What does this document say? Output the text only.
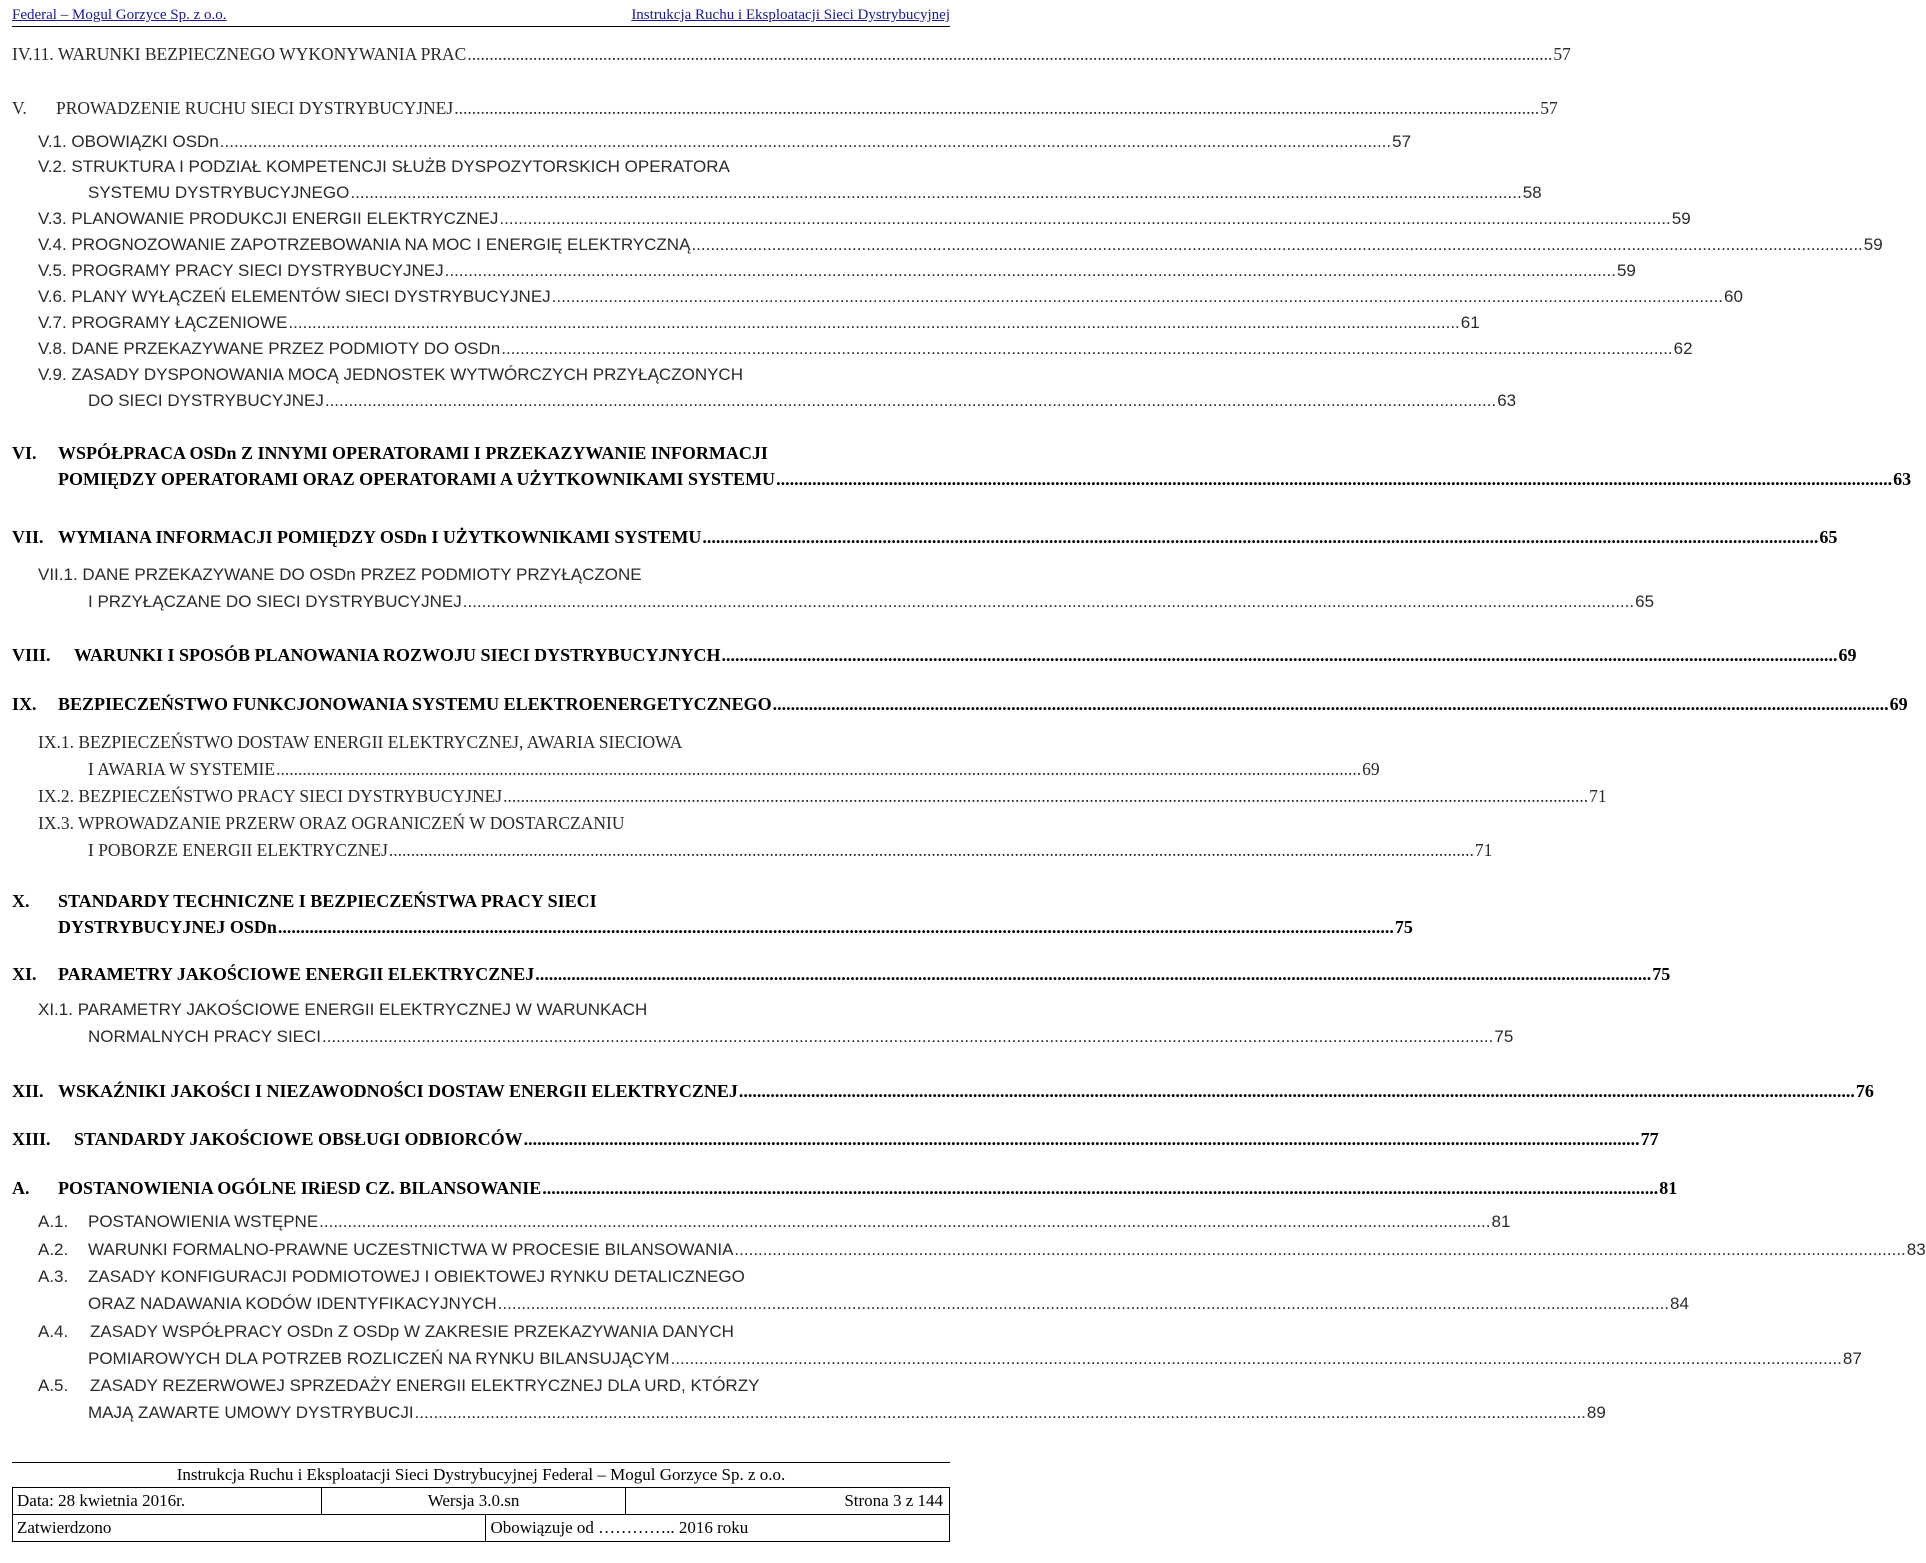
Federal – Mogul Gorzyce Sp. z o.o.	Instrukcja Ruchu i Eksploatacji Sieci Dystrybucyjnej
IV.11. WARUNKI BEZPIECZNEGO WYKONYWANIA PRAC .....	57
V. PROWADZENIE RUCHU SIECI DYSTRYBUCYJNEJ .....	57
V.1. OBOWIĄZKI OSDn .....	57
V.2. STRUKTURA I PODZIAŁ KOMPETENCJI SŁUŻB DYSPOZYTORSKICH OPERATORA
SYSTEMU DYSTRYBUCYJNEGO .....	58
V.3. PLANOWANIE PRODUKCJI ENERGII ELEKTRYCZNEJ .....	59
V.4. PROGNOZOWANIE ZAPOTRZEBOWANIA NA MOC I ENERGIĘ ELEKTRYCZNĄ .....	59
V.5. PROGRAMY PRACY SIECI DYSTRYBUCYJNEJ .....	59
V.6. PLANY WYŁĄCZEŃ ELEMENTÓW SIECI DYSTRYBUCYJNEJ .....	60
V.7. PROGRAMY ŁĄCZENIOWE .....	61
V.8. DANE PRZEKAZYWANE PRZEZ PODMIOTY DO OSDn .....	62
V.9. ZASADY DYSPONOWANIA MOCĄ JEDNOSTEK WYTWÓRCZYCH PRZYŁĄCZONYCH
DO SIECI DYSTRYBUCYJNEJ .....	63
VI. WSPÓŁPRACA OSDn Z INNYMI OPERATORAMI I PRZEKAZYWANIE INFORMACJI
POMIĘDZY OPERATORAMI ORAZ OPERATORAMI A UŻYTKOWNIKAMI SYSTEMU .....	63
VII. WYMIANA INFORMACJI POMIĘDZY OSDn I UŻYTKOWNIKAMI SYSTEMU .....	65
VII.1. DANE PRZEKAZYWANE DO OSDn PRZEZ PODMIOTY PRZYŁĄCZONE
I PRZYŁĄCZANE DO SIECI DYSTRYBUCYJNEJ .....	65
VIII. WARUNKI I SPOSÓB PLANOWANIA ROZWOJU SIECI DYSTRYBUCYJNYCH .....	69
IX. BEZPIECZEŃSTWO FUNKCJONOWANIA SYSTEMU ELEKTROENERGETYCZNEGO .....	69
IX.1. BEZPIECZEŃSTWO DOSTAW ENERGII ELEKTRYCZNEJ, AWARIA SIECIOWA
I AWARIA W SYSTEMIE .....	69
IX.2. BEZPIECZEŃSTWO PRACY SIECI DYSTRYBUCYJNEJ .....	71
IX.3. WPROWADZANIE PRZERW ORAZ OGRANICZEŃ W DOSTARCZANIU
I POBORZE ENERGII ELEKTRYCZNEJ .....	71
X. STANDARDY TECHNICZNE I BEZPIECZEŃSTWA PRACY SIECI
DYSTRYBUCYJNEJ OSDn .....	75
XI. PARAMETRY JAKOŚCIOWE ENERGII ELEKTRYCZNEJ .....	75
XI.1. PARAMETRY JAKOŚCIOWE ENERGII ELEKTRYCZNEJ W WARUNKACH
NORMALNYCH PRACY SIECI .....	75
XII. WSKAŹNIKI JAKOŚCI I NIEZAWODNOŚCI DOSTAW ENERGII ELEKTRYCZNEJ .....	76
XIII. STANDARDY JAKOŚCIOWE OBSŁUGI ODBIORCÓW .....	77
A. POSTANOWIENIA OGÓLNE IRiESD CZ. BILANSOWANIE .....	81
A.1. POSTANOWIENIA WSTĘPNE .....	81
A.2. WARUNKI FORMALNO-PRAWNE UCZESTNICTWA W PROCESIE BILANSOWANIA .....	83
A.3. ZASADY KONFIGURACJI PODMIOTOWEJ I OBIEKTOWEJ RYNKU DETALICZNEGO
ORAZ NADAWANIA KODÓW IDENTYFIKACYJNYCH .....	84
A.4. ZASADY WSPÓŁPRACY OSDn Z OSDp W ZAKRESIE PRZEKAZYWANIA DANYCH
POMIAROWYCH DLA POTRZEB ROZLICZEŃ NA RYNKU BILANSUJĄCYM .....	87
A.5. ZASADY REZERWOWEJ SPRZEDAŻY ENERGII ELEKTRYCZNEJ DLA URD, KTÓRZY
MAJĄ ZAWARTE UMOWY DYSTRYBUCJI .....	89
Instrukcja Ruchu i Eksploatacji Sieci Dystrybucyjnej Federal – Mogul Gorzyce Sp. z o.o.
Data: 28 kwietnia 2016r.	Wersja 3.0.sn	Strona 3 z 144
Zatwierdzono	Obowiązuje od ………….. 2016 roku
